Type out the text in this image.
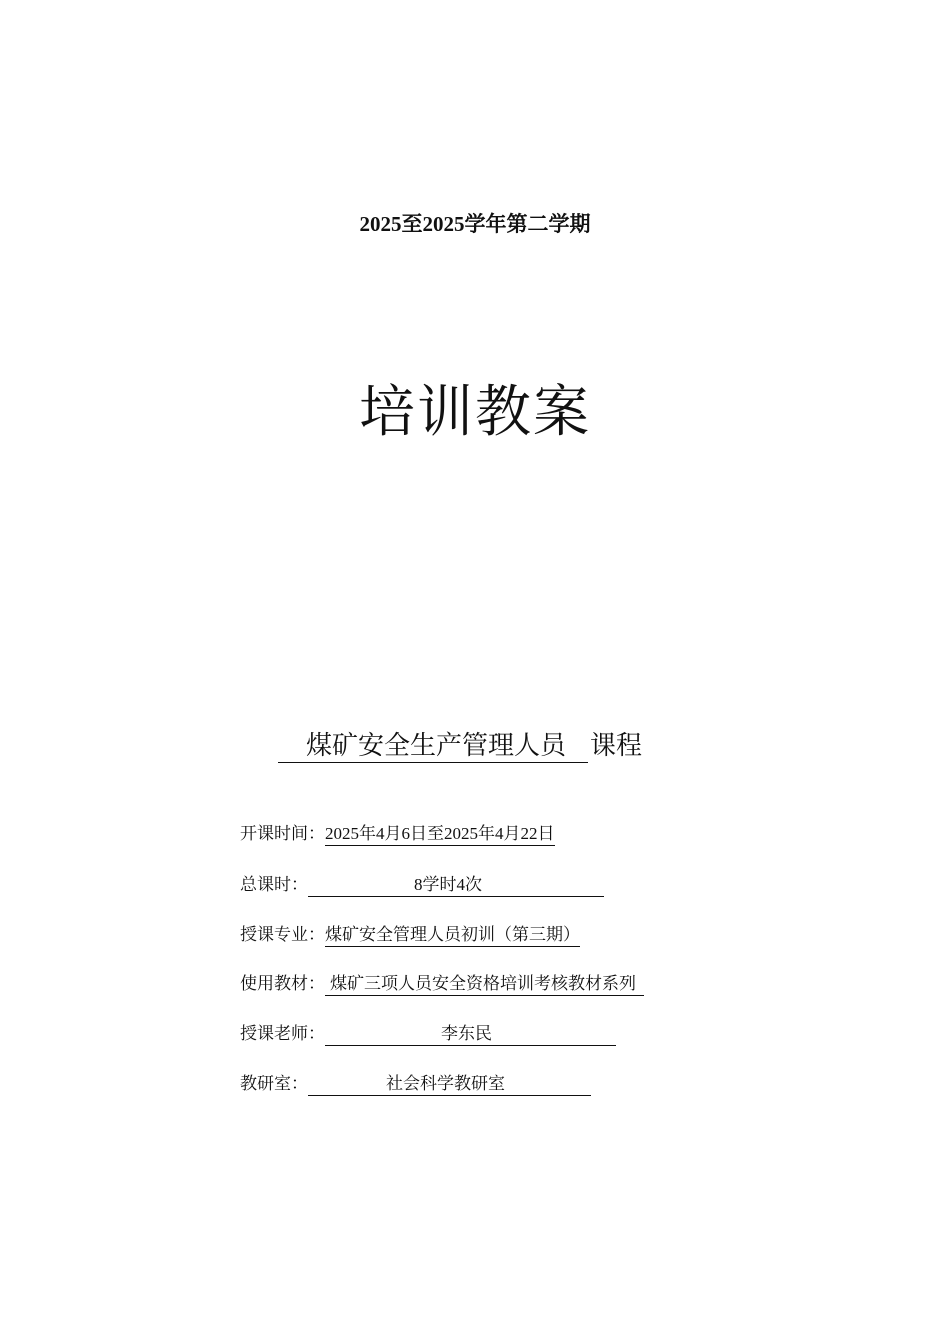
2025至2025学年第二学期
培训教案
煤矿安全生产管理人员 课程
开课时间：2025年4月6日至2025年4月22日
总课时：	8学时4次
授课专业：煤矿安全管理人员初训（第三期）
使用教材： 煤矿三项人员安全资格培训考核教材系列
授课老师：	李东民
教研室：	社会科学教研室
